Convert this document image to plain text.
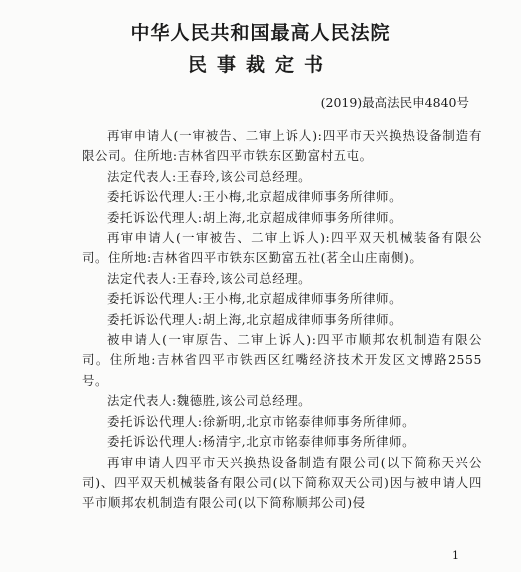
中华人民共和国最高人民法院
民事裁定书
(2019)最高法民申4840号

再审申请人(一审被告、二审上诉人):四平市天兴换热设备制造有限公司。住所地:吉林省四平市铁东区勤富村五屯。

法定代表人:王春玲,该公司总经理。

委托诉讼代理人:王小梅,北京超成律师事务所律师。

委托诉讼代理人:胡上海,北京超成律师事务所律师。

再审申请人(一审被告、二审上诉人):四平双天机械装备有限公司。住所地:吉林省四平市铁东区勤富五社(茗全山庄南侧)。

法定代表人:王春玲,该公司总经理。

委托诉讼代理人:王小梅,北京超成律师事务所律师。

委托诉讼代理人:胡上海,北京超成律师事务所律师。

被申请人(一审原告、二审上诉人):四平市顺邦农机制造有限公司。住所地:吉林省四平市铁西区红嘴经济技术开发区文博路2555号。

法定代表人:魏德胜,该公司总经理。

委托诉讼代理人:徐新明,北京市铭泰律师事务所律师。

委托诉讼代理人:杨清宇,北京市铭泰律师事务所律师。

再审申请人四平市天兴换热设备制造有限公司(以下简称天兴公司)、四平双天机械装备有限公司(以下简称双天公司)因与被申请人四平市顺邦农机制造有限公司(以下简称顺邦公司)侵

1
